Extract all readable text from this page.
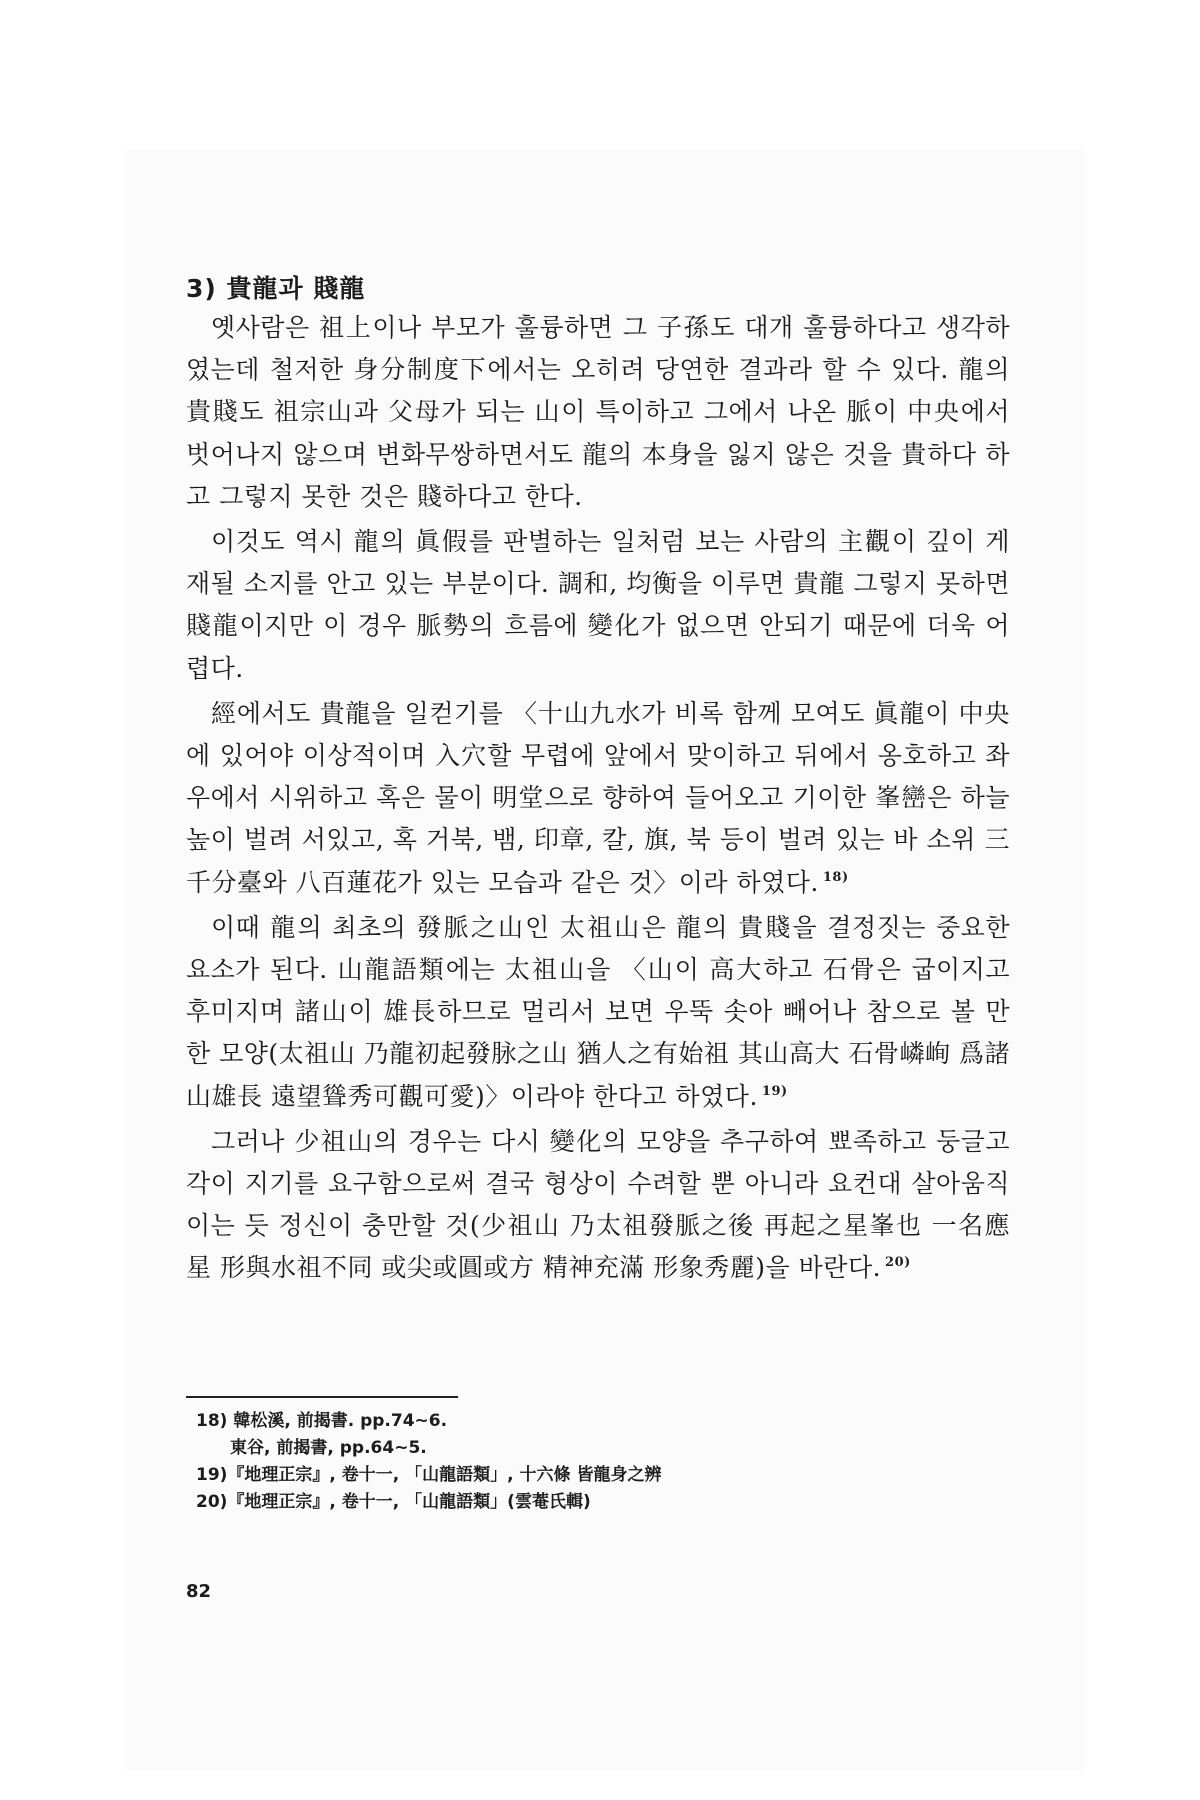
3) 貴龍과 賤龍

옛사람은 祖上이나 부모가 훌륭하면 그 子孫도 대개 훌륭하다고 생각하였는데 철저한 身分制度下에서는 오히려 당연한 결과라 할 수 있다. 龍의 貴賤도 祖宗山과 父母가 되는 山이 특이하고 그에서 나온 脈이 中央에서 벗어나지 않으며 변화무쌍하면서도 龍의 本身을 잃지 않은 것을 貴하다 하고 그렇지 못한 것은 賤하다고 한다.

이것도 역시 龍의 眞假를 판별하는 일처럼 보는 사람의 主觀이 깊이 게재될 소지를 안고 있는 부분이다. 調和, 均衡을 이루면 貴龍 그렇지 못하면 賤龍이지만 이 경우 脈勢의 흐름에 變化가 없으면 안되기 때문에 더욱 어렵다.

經에서도 貴龍을 일컫기를 〈十山九水가 비록 함께 모여도 眞龍이 中央에 있어야 이상적이며 入穴할 무렵에 앞에서 맞이하고 뒤에서 옹호하고 좌우에서 시위하고 혹은 물이 明堂으로 향하여 들어오고 기이한 峯巒은 하늘 높이 벌려 서있고, 혹 거북, 뱀, 印章, 칼, 旗, 북 등이 벌려 있는 바 소위 三千分臺와 八百蓮花가 있는 모습과 같은 것〉이라 하였다. $^{18)}$

이때 龍의 최초의 發脈之山인 太祖山은 龍의 貴賤을 결정짓는 중요한 요소가 된다. 山龍語類에는 太祖山을 〈山이 高大하고 石骨은 굽이지고 후미지며 諸山이 雄長하므로 멀리서 보면 우뚝 솟아 빼어나 참으로 볼 만한 모양(太祖山 乃龍初起發脉之山 猶人之有始祖 其山高大 石骨嶙峋 爲諸山雄長 遠望聳秀可觀可愛)〉이라야 한다고 하였다. $^{19)}$

그러나 少祖山의 경우는 다시 變化의 모양을 추구하여 뾰족하고 둥글고 각이 지기를 요구함으로써 결국 형상이 수려할 뿐 아니라 요컨대 살아움직이는 듯 정신이 충만할 것(少祖山 乃太祖發脈之後 再起之星峯也 一名應星 形與水祖不同 或尖或圓或方 精神充滿 形象秀麗)을 바란다. $^{20)}$

18) 韓松溪, 前揭書. pp.74~6.
東谷, 前揭書, pp.64~5.
19)『地理正宗』, 卷十一, 「山龍語類」, 十六條 皆龍身之辨
20)『地理正宗』, 卷十一, 「山龍語類」(雲菴氏輯)
82
